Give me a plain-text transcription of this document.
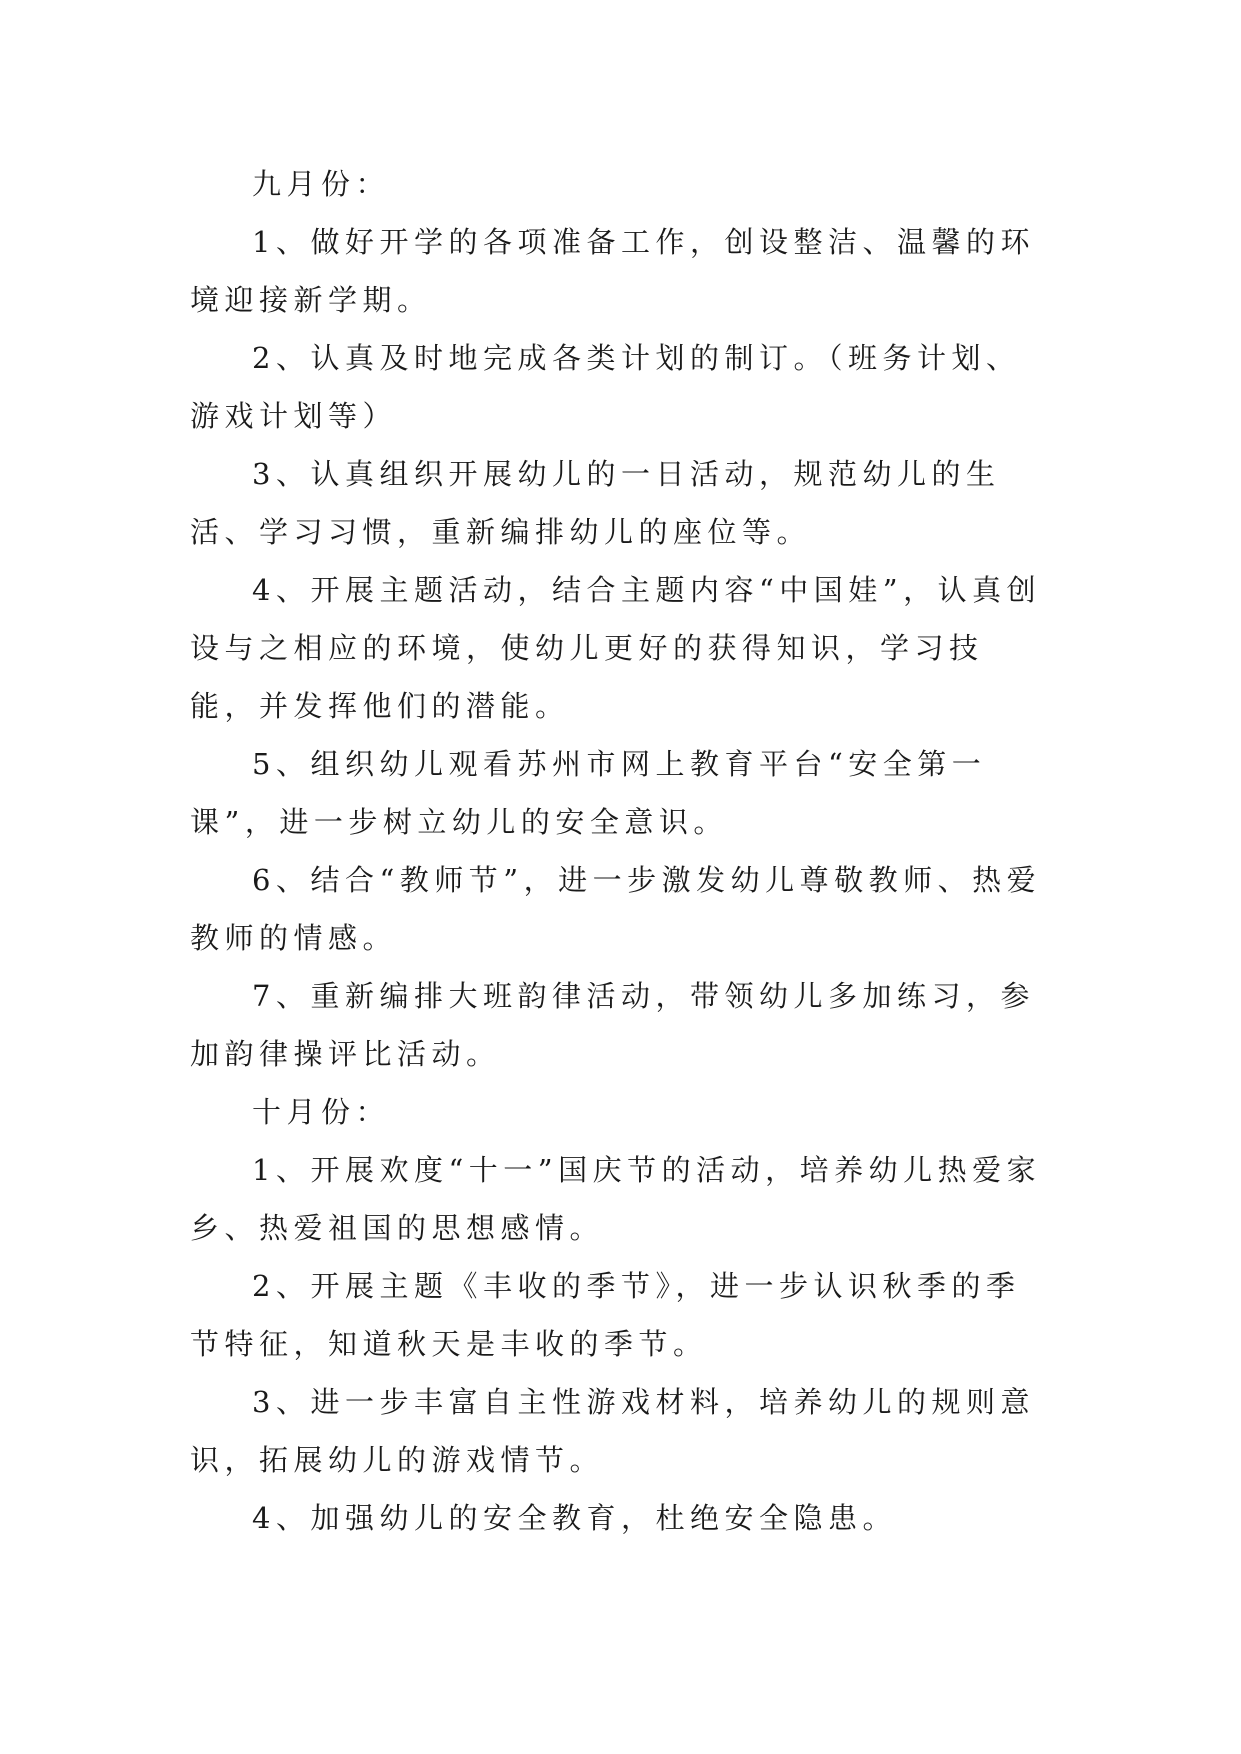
九月份：

1、做好开学的各项准备工作，创设整洁、温馨的环境迎接新学期。

2、认真及时地完成各类计划的制订。（班务计划、游戏计划等）

3、认真组织开展幼儿的一日活动，规范幼儿的生活、学习习惯，重新编排幼儿的座位等。

4、开展主题活动，结合主题内容“中国娃”，认真创设与之相应的环境，使幼儿更好的获得知识，学习技能，并发挥他们的潜能。

5、组织幼儿观看苏州市网上教育平台“安全第一课”，进一步树立幼儿的安全意识。

6、结合“教师节”，进一步激发幼儿尊敬教师、热爱教师的情感。

7、重新编排大班韵律活动，带领幼儿多加练习，参加韵律操评比活动。

十月份：

1、开展欢度“十一”国庆节的活动，培养幼儿热爱家乡、热爱祖国的思想感情。

2、开展主题《丰收的季节》，进一步认识秋季的季节特征，知道秋天是丰收的季节。

3、进一步丰富自主性游戏材料，培养幼儿的规则意识，拓展幼儿的游戏情节。

4、加强幼儿的安全教育，杜绝安全隐患。
